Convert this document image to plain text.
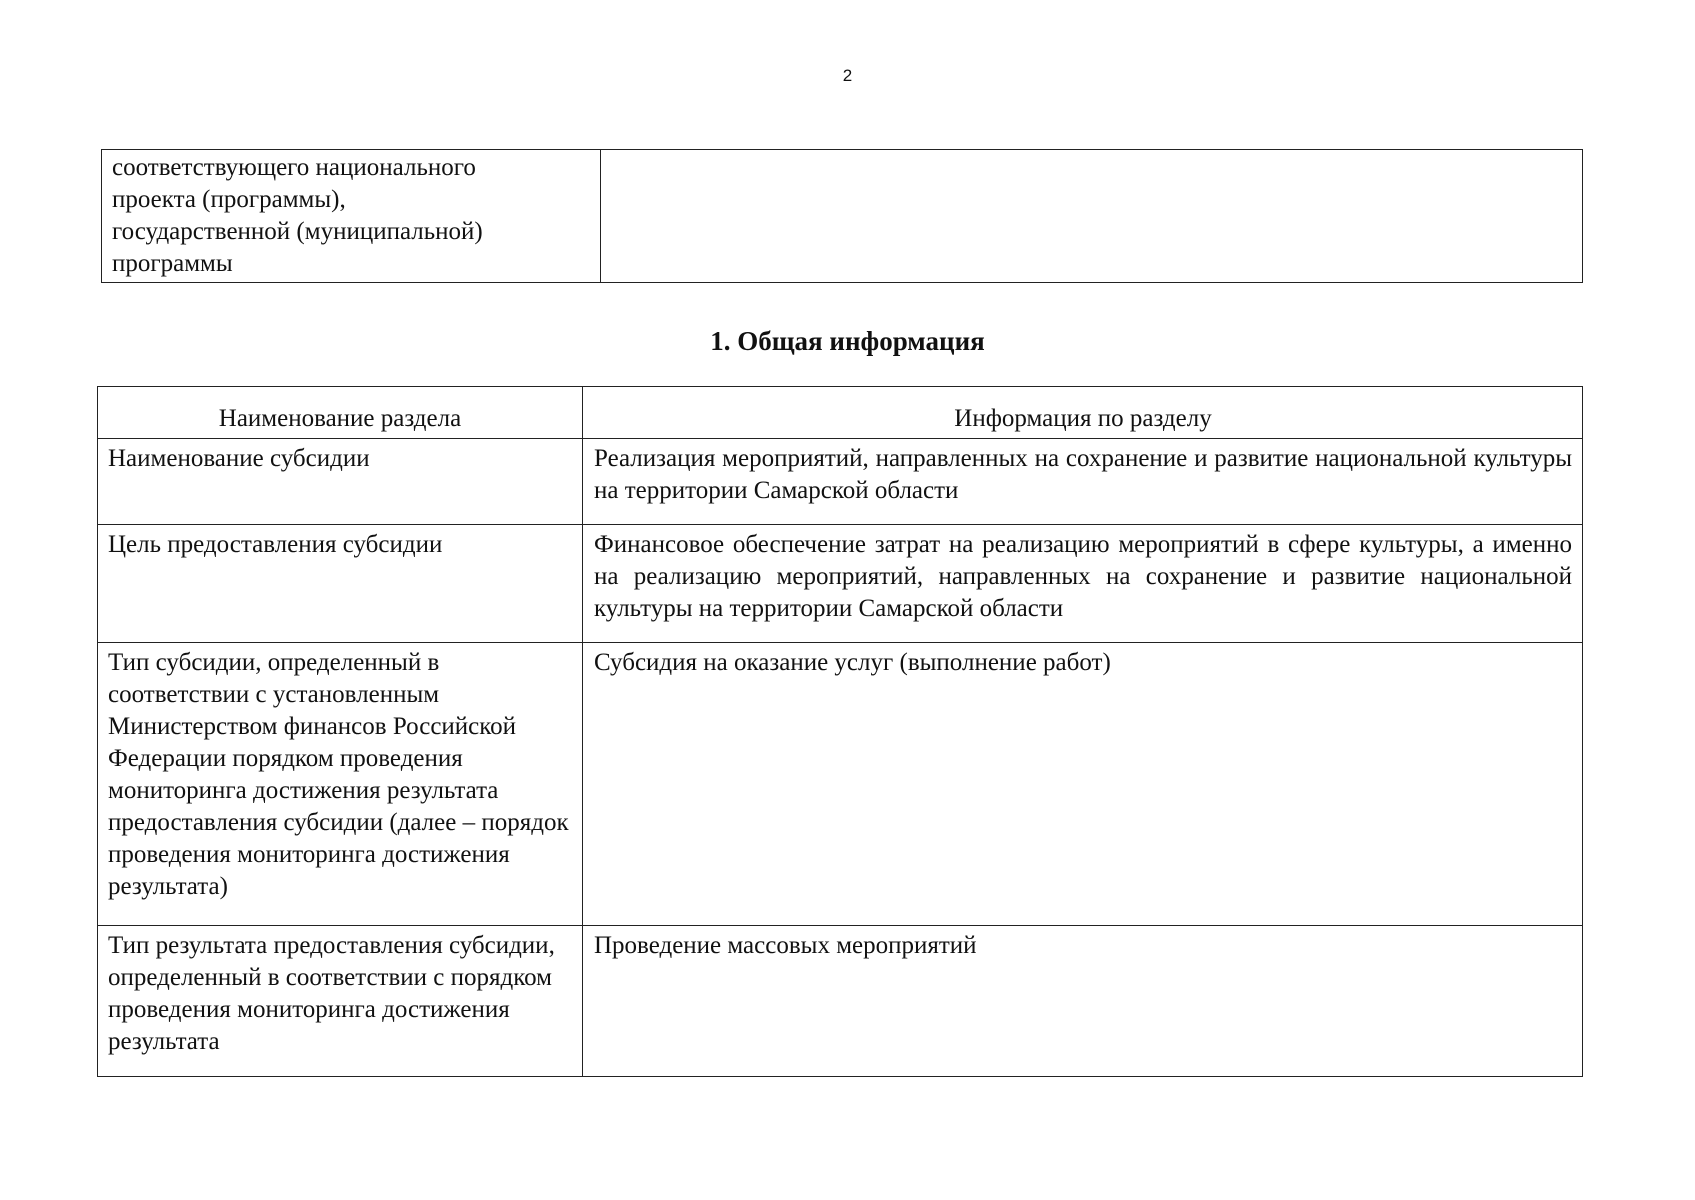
2
соответствующего национального
проекта (программы),
государственной (муниципальной)
программы

1. Общая информация
Наименование раздела	Информация по разделу
Наименование субсидии	Реализация мероприятий, направленных на сохранение и развитие национальной культуры на территории Самарской области
Цель предоставления субсидии	Финансовое обеспечение затрат на реализацию мероприятий в сфере культуры, а именно на реализацию мероприятий, направленных на сохранение и развитие национальной культуры на территории Самарской области
Тип субсидии, определенный в соответствии с установленным Министерством финансов Российской Федерации порядком проведения мониторинга достижения результата предоставления субсидии (далее – порядок проведения мониторинга достижения результата)	Субсидия на оказание услуг (выполнение работ)
Тип результата предоставления субсидии, определенный в соответствии с порядком проведения мониторинга достижения результата	Проведение массовых мероприятий
